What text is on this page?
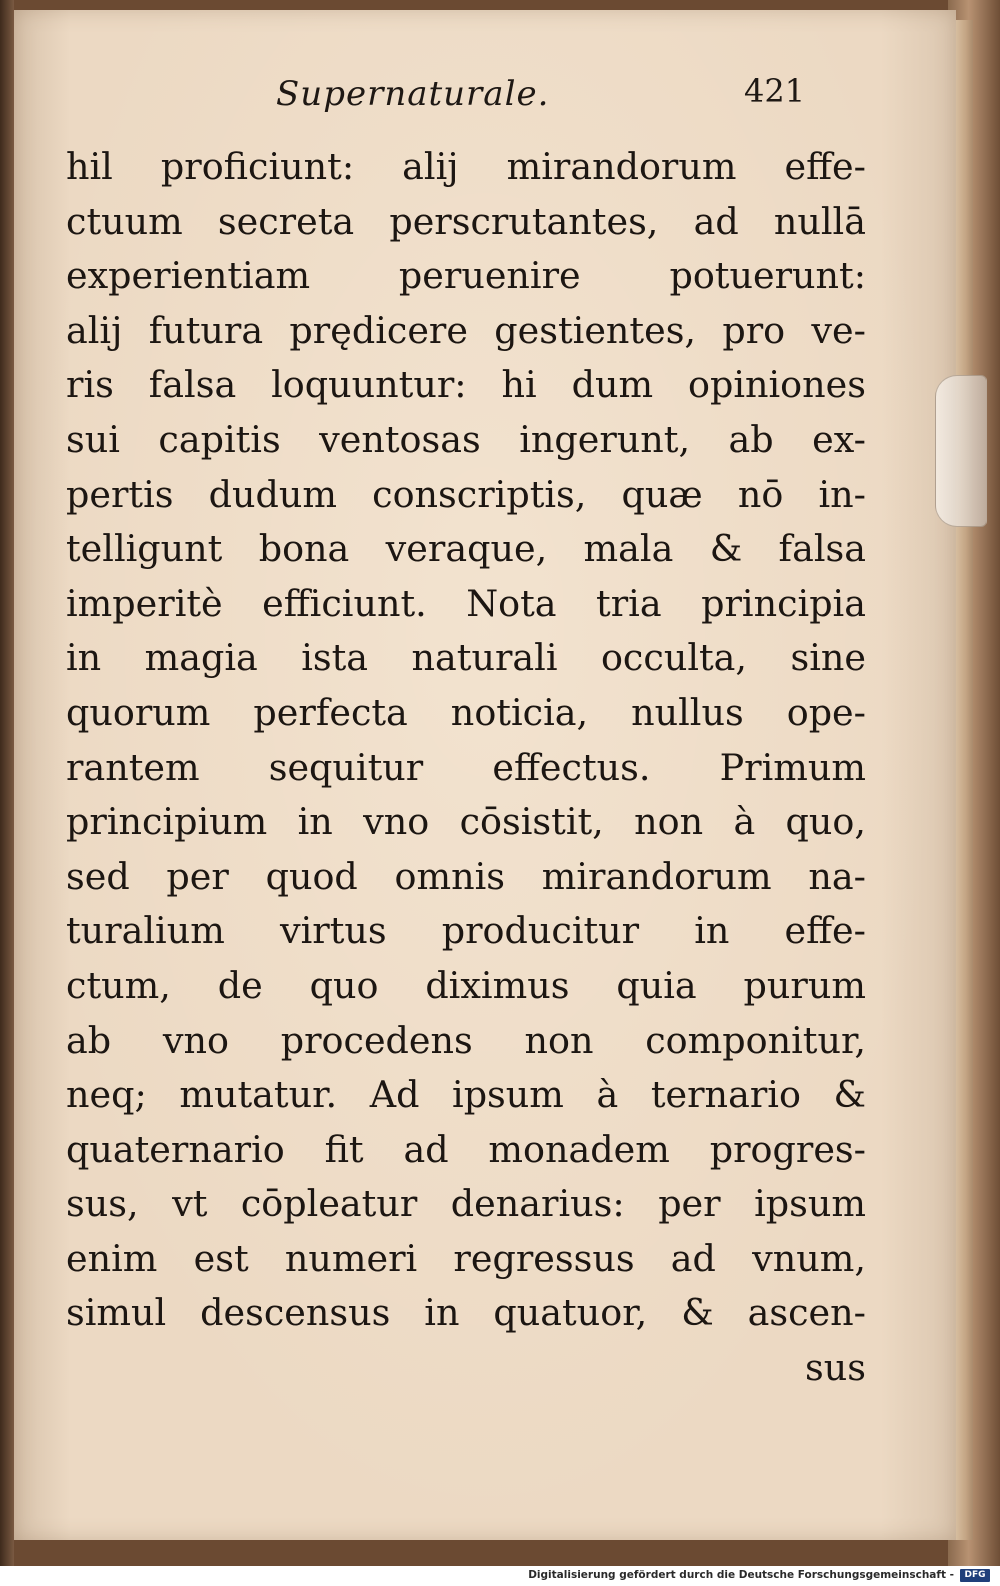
Supernaturale.	421
hil proficiunt: alij mirandorum effe-
ctuum secreta perscrutantes, ad nullā
experientiam peruenire potuerunt:
alij futura prędicere gestientes, pro ve-
ris falsa loquuntur: hi dum opiniones
sui capitis ventosas ingerunt, ab ex-
pertis dudum conscriptis, quæ nō in-
telligunt bona veraque, mala & falsa
imperitè efficiunt. Nota tria principia
in magia ista naturali occulta, sine
quorum perfecta noticia, nullus ope-
rantem sequitur effectus. Primum
principium in vno cōsistit, non à quo,
sed per quod omnis mirandorum na-
turalium virtus producitur in effe-
ctum, de quo diximus quia purum
ab vno procedens non componitur,
neq; mutatur. Ad ipsum à ternario &
quaternario fit ad monadem progres-
sus, vt cōpleatur denarius: per ipsum
enim est numeri regressus ad vnum,
simul descensus in quatuor, & ascen-
sus
Digitalisierung gefördert durch die Deutsche Forschungsgemeinschaft -	DFG
